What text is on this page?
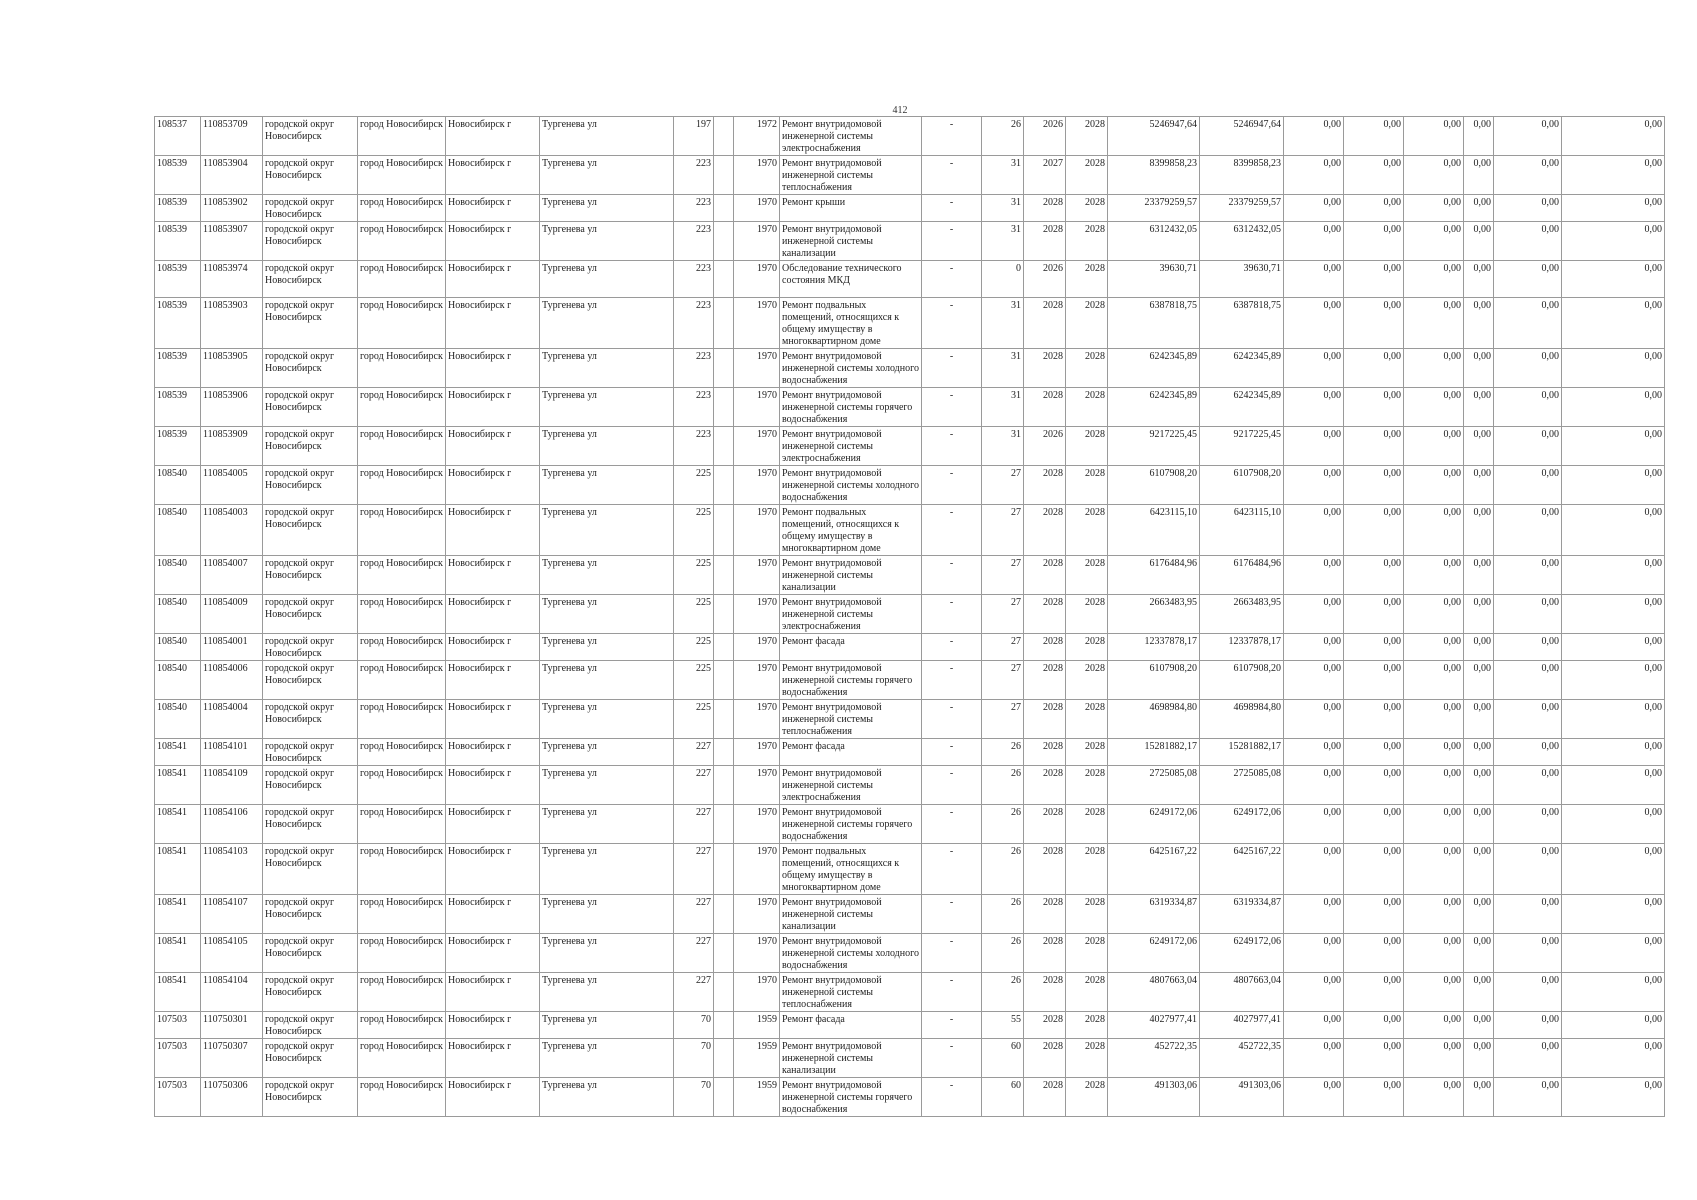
412
108537	110853709	городской округ Новосибирск	город Новосибирск	Новосибирск г	Тургенева ул	197		1972	Ремонт внутридомовой инженерной системы электроснабжения	-	26	2026	2028	5246947,64	5246947,64	0,00	0,00	0,00	0,00	0,00	0,00
108539	110853904	городской округ Новосибирск	город Новосибирск	Новосибирск г	Тургенева ул	223		1970	Ремонт внутридомовой инженерной системы теплоснабжения	-	31	2027	2028	8399858,23	8399858,23	0,00	0,00	0,00	0,00	0,00	0,00
108539	110853902	городской округ Новосибирск	город Новосибирск	Новосибирск г	Тургенева ул	223		1970	Ремонт крыши	-	31	2028	2028	23379259,57	23379259,57	0,00	0,00	0,00	0,00	0,00	0,00
108539	110853907	городской округ Новосибирск	город Новосибирск	Новосибирск г	Тургенева ул	223		1970	Ремонт внутридомовой инженерной системы канализации	-	31	2028	2028	6312432,05	6312432,05	0,00	0,00	0,00	0,00	0,00	0,00
108539	110853974	городской округ Новосибирск	город Новосибирск	Новосибирск г	Тургенева ул	223		1970	Обследование технического состояния МКД	-	0	2026	2028	39630,71	39630,71	0,00	0,00	0,00	0,00	0,00	0,00
108539	110853903	городской округ Новосибирск	город Новосибирск	Новосибирск г	Тургенева ул	223		1970	Ремонт подвальных помещений, относящихся к общему имуществу в многоквартирном доме	-	31	2028	2028	6387818,75	6387818,75	0,00	0,00	0,00	0,00	0,00	0,00
108539	110853905	городской округ Новосибирск	город Новосибирск	Новосибирск г	Тургенева ул	223		1970	Ремонт внутридомовой инженерной системы холодного водоснабжения	-	31	2028	2028	6242345,89	6242345,89	0,00	0,00	0,00	0,00	0,00	0,00
108539	110853906	городской округ Новосибирск	город Новосибирск	Новосибирск г	Тургенева ул	223		1970	Ремонт внутридомовой инженерной системы горячего водоснабжения	-	31	2028	2028	6242345,89	6242345,89	0,00	0,00	0,00	0,00	0,00	0,00
108539	110853909	городской округ Новосибирск	город Новосибирск	Новосибирск г	Тургенева ул	223		1970	Ремонт внутридомовой инженерной системы электроснабжения	-	31	2026	2028	9217225,45	9217225,45	0,00	0,00	0,00	0,00	0,00	0,00
108540	110854005	городской округ Новосибирск	город Новосибирск	Новосибирск г	Тургенева ул	225		1970	Ремонт внутридомовой инженерной системы холодного водоснабжения	-	27	2028	2028	6107908,20	6107908,20	0,00	0,00	0,00	0,00	0,00	0,00
108540	110854003	городской округ Новосибирск	город Новосибирск	Новосибирск г	Тургенева ул	225		1970	Ремонт подвальных помещений, относящихся к общему имуществу в многоквартирном доме	-	27	2028	2028	6423115,10	6423115,10	0,00	0,00	0,00	0,00	0,00	0,00
108540	110854007	городской округ Новосибирск	город Новосибирск	Новосибирск г	Тургенева ул	225		1970	Ремонт внутридомовой инженерной системы канализации	-	27	2028	2028	6176484,96	6176484,96	0,00	0,00	0,00	0,00	0,00	0,00
108540	110854009	городской округ Новосибирск	город Новосибирск	Новосибирск г	Тургенева ул	225		1970	Ремонт внутридомовой инженерной системы электроснабжения	-	27	2028	2028	2663483,95	2663483,95	0,00	0,00	0,00	0,00	0,00	0,00
108540	110854001	городской округ Новосибирск	город Новосибирск	Новосибирск г	Тургенева ул	225		1970	Ремонт фасада	-	27	2028	2028	12337878,17	12337878,17	0,00	0,00	0,00	0,00	0,00	0,00
108540	110854006	городской округ Новосибирск	город Новосибирск	Новосибирск г	Тургенева ул	225		1970	Ремонт внутридомовой инженерной системы горячего водоснабжения	-	27	2028	2028	6107908,20	6107908,20	0,00	0,00	0,00	0,00	0,00	0,00
108540	110854004	городской округ Новосибирск	город Новосибирск	Новосибирск г	Тургенева ул	225		1970	Ремонт внутридомовой инженерной системы теплоснабжения	-	27	2028	2028	4698984,80	4698984,80	0,00	0,00	0,00	0,00	0,00	0,00
108541	110854101	городской округ Новосибирск	город Новосибирск	Новосибирск г	Тургенева ул	227		1970	Ремонт фасада	-	26	2028	2028	15281882,17	15281882,17	0,00	0,00	0,00	0,00	0,00	0,00
108541	110854109	городской округ Новосибирск	город Новосибирск	Новосибирск г	Тургенева ул	227		1970	Ремонт внутридомовой инженерной системы электроснабжения	-	26	2028	2028	2725085,08	2725085,08	0,00	0,00	0,00	0,00	0,00	0,00
108541	110854106	городской округ Новосибирск	город Новосибирск	Новосибирск г	Тургенева ул	227		1970	Ремонт внутридомовой инженерной системы горячего водоснабжения	-	26	2028	2028	6249172,06	6249172,06	0,00	0,00	0,00	0,00	0,00	0,00
108541	110854103	городской округ Новосибирск	город Новосибирск	Новосибирск г	Тургенева ул	227		1970	Ремонт подвальных помещений, относящихся к общему имуществу в многоквартирном доме	-	26	2028	2028	6425167,22	6425167,22	0,00	0,00	0,00	0,00	0,00	0,00
108541	110854107	городской округ Новосибирск	город Новосибирск	Новосибирск г	Тургенева ул	227		1970	Ремонт внутридомовой инженерной системы канализации	-	26	2028	2028	6319334,87	6319334,87	0,00	0,00	0,00	0,00	0,00	0,00
108541	110854105	городской округ Новосибирск	город Новосибирск	Новосибирск г	Тургенева ул	227		1970	Ремонт внутридомовой инженерной системы холодного водоснабжения	-	26	2028	2028	6249172,06	6249172,06	0,00	0,00	0,00	0,00	0,00	0,00
108541	110854104	городской округ Новосибирск	город Новосибирск	Новосибирск г	Тургенева ул	227		1970	Ремонт внутридомовой инженерной системы теплоснабжения	-	26	2028	2028	4807663,04	4807663,04	0,00	0,00	0,00	0,00	0,00	0,00
107503	110750301	городской округ Новосибирск	город Новосибирск	Новосибирск г	Тургенева ул	70		1959	Ремонт фасада	-	55	2028	2028	4027977,41	4027977,41	0,00	0,00	0,00	0,00	0,00	0,00
107503	110750307	городской округ Новосибирск	город Новосибирск	Новосибирск г	Тургенева ул	70		1959	Ремонт внутридомовой инженерной системы канализации	-	60	2028	2028	452722,35	452722,35	0,00	0,00	0,00	0,00	0,00	0,00
107503	110750306	городской округ Новосибирск	город Новосибирск	Новосибирск г	Тургенева ул	70		1959	Ремонт внутридомовой инженерной системы горячего водоснабжения	-	60	2028	2028	491303,06	491303,06	0,00	0,00	0,00	0,00	0,00	0,00
